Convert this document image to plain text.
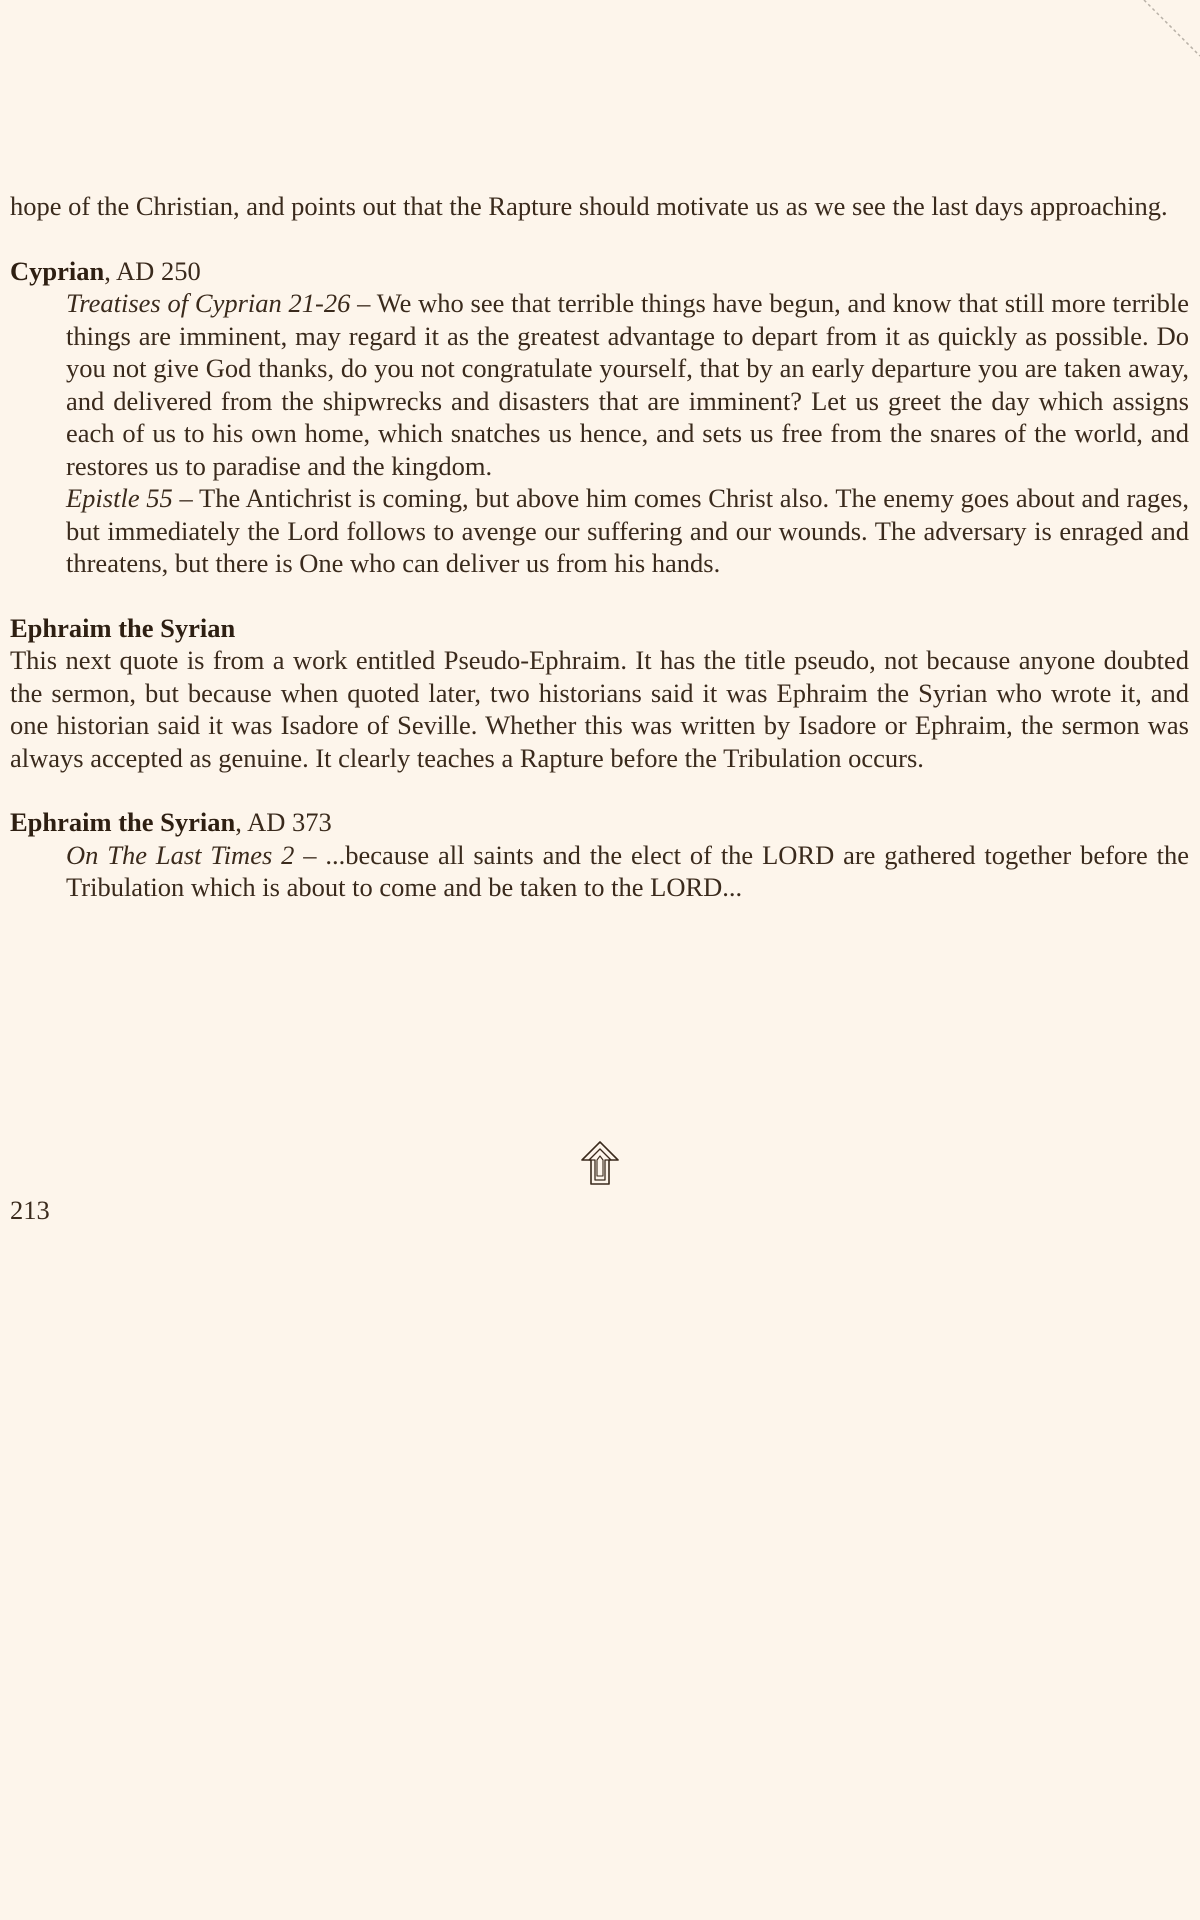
hope of the Christian, and points out that the Rapture should motivate us as we see the last days approaching.

Cyprian, AD 250

Treatises of Cyprian 21-26 – We who see that terrible things have begun, and know that still more terrible things are imminent, may regard it as the greatest advantage to depart from it as quickly as possible. Do you not give God thanks, do you not congratulate yourself, that by an early departure you are taken away, and delivered from the shipwrecks and disasters that are imminent? Let us greet the day which assigns each of us to his own home, which snatches us hence, and sets us free from the snares of the world, and restores us to paradise and the kingdom.

Epistle 55 – The Antichrist is coming, but above him comes Christ also. The enemy goes about and rages, but immediately the Lord follows to avenge our suffering and our wounds. The adversary is enraged and threatens, but there is One who can deliver us from his hands.

Ephraim the Syrian

This next quote is from a work entitled Pseudo-Ephraim. It has the title pseudo, not because anyone doubted the sermon, but because when quoted later, two historians said it was Ephraim the Syrian who wrote it, and one historian said it was Isadore of Seville. Whether this was written by Isadore or Ephraim, the sermon was always accepted as genuine. It clearly teaches a Rapture before the Tribulation occurs.

Ephraim the Syrian, AD 373

On The Last Times 2 – ...because all saints and the elect of the LORD are gathered together before the Tribulation which is about to come and be taken to the LORD...

213
